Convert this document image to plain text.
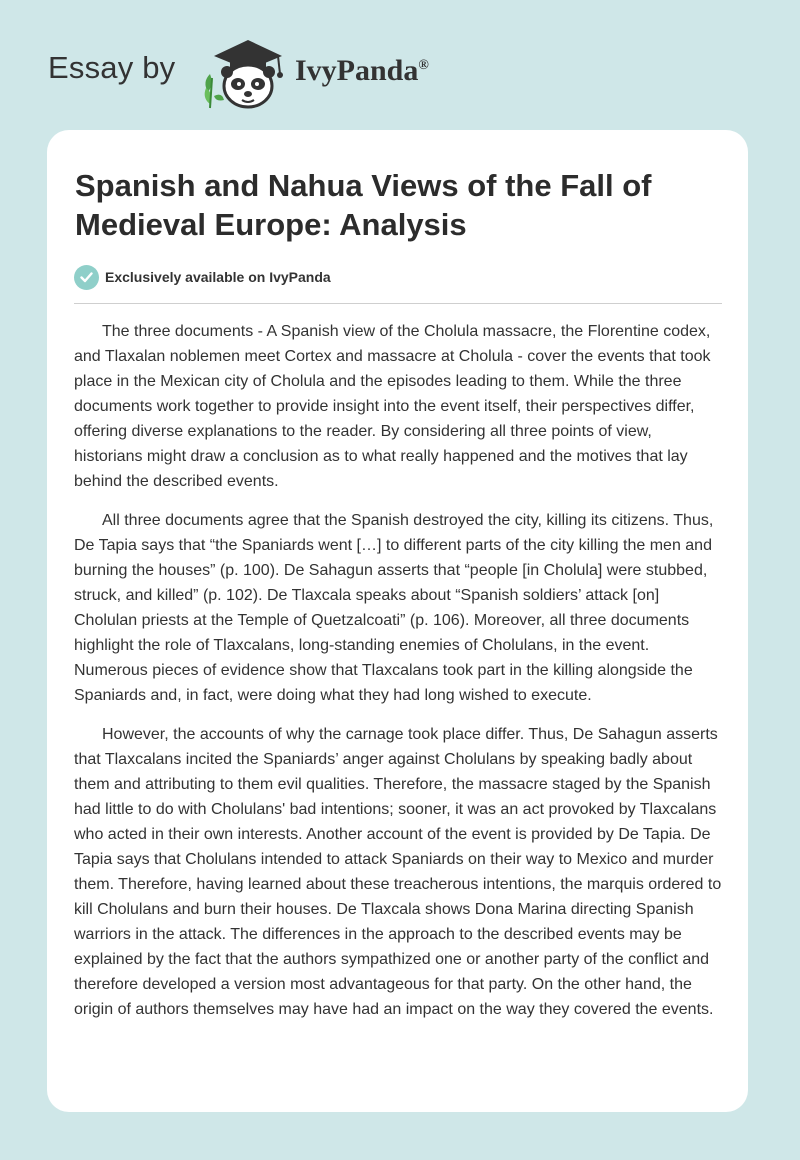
Essay by	IvyPanda®
Spanish and Nahua Views of the Fall of Medieval Europe: Analysis
Exclusively available on IvyPanda

The three documents - A Spanish view of the Cholula massacre, the Florentine codex, and Tlaxalan noblemen meet Cortex and massacre at Cholula - cover the events that took place in the Mexican city of Cholula and the episodes leading to them. While the three documents work together to provide insight into the event itself, their perspectives differ, offering diverse explanations to the reader. By considering all three points of view, historians might draw a conclusion as to what really happened and the motives that lay behind the described events.

All three documents agree that the Spanish destroyed the city, killing its citizens. Thus, De Tapia says that “the Spaniards went […] to different parts of the city killing the men and burning the houses” (p. 100). De Sahagun asserts that “people [in Cholula] were stubbed, struck, and killed” (p. 102). De Tlaxcala speaks about “Spanish soldiers’ attack [on] Cholulan priests at the Temple of Quetzalcoati” (p. 106). Moreover, all three documents highlight the role of Tlaxcalans, long-standing enemies of Cholulans, in the event. Numerous pieces of evidence show that Tlaxcalans took part in the killing alongside the Spaniards and, in fact, were doing what they had long wished to execute.

However, the accounts of why the carnage took place differ. Thus, De Sahagun asserts that Tlaxcalans incited the Spaniards’ anger against Cholulans by speaking badly about them and attributing to them evil qualities. Therefore, the massacre staged by the Spanish had little to do with Cholulans' bad intentions; sooner, it was an act provoked by Tlaxcalans who acted in their own interests. Another account of the event is provided by De Tapia. De Tapia says that Cholulans intended to attack Spaniards on their way to Mexico and murder them. Therefore, having learned about these treacherous intentions, the marquis ordered to kill Cholulans and burn their houses. De Tlaxcala shows Dona Marina directing Spanish warriors in the attack. The differences in the approach to the described events may be explained by the fact that the authors sympathized one or another party of the conflict and therefore developed a version most advantageous for that party. On the other hand, the origin of authors themselves may have had an impact on the way they covered the events.
